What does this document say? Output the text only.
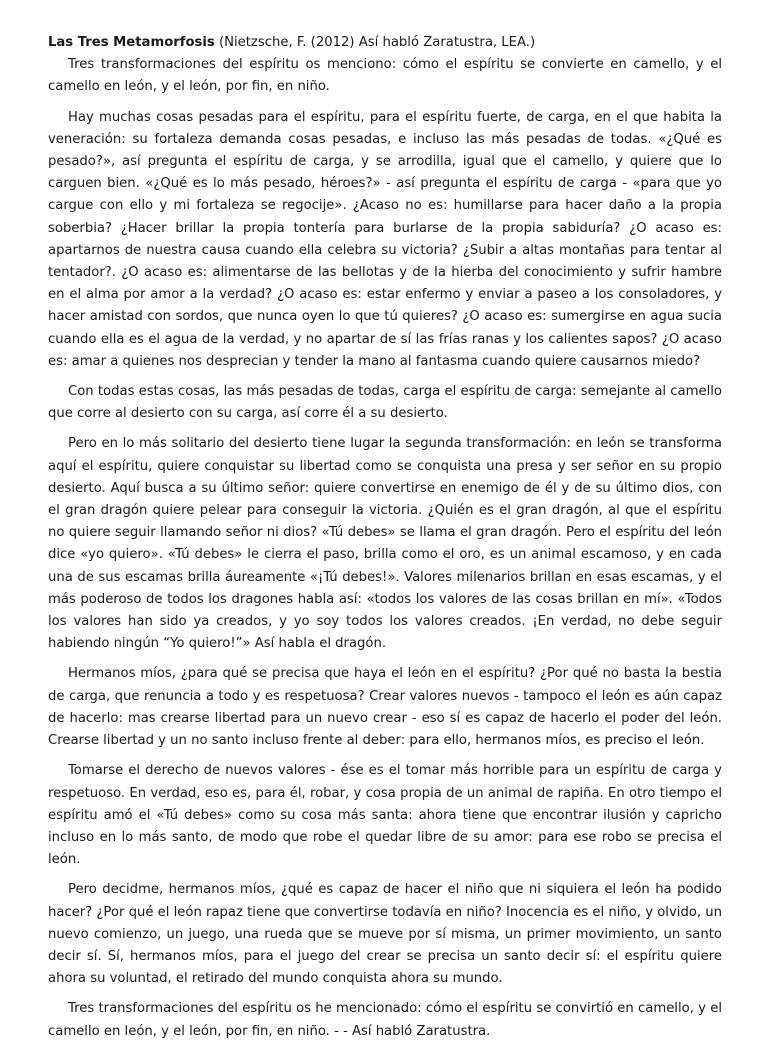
Las Tres Metamorfosis (Nietzsche, F. (2012) Así habló Zaratustra, LEA.)

Tres transformaciones del espíritu os menciono: cómo el espíritu se convierte en camello, y el camello en león, y el león, por fin, en niño.

Hay muchas cosas pesadas para el espíritu, para el espíritu fuerte, de carga, en el que habita la veneración: su fortaleza demanda cosas pesadas, e incluso las más pesadas de todas. «¿Qué es pesado?», así pregunta el espíritu de carga, y se arrodilla, igual que el camello, y quiere que lo carguen bien. «¿Qué es lo más pesado, héroes?» - así pregunta el espíritu de carga - «para que yo cargue con ello y mi fortaleza se regocije». ¿Acaso no es: humillarse para hacer daño a la propia soberbia? ¿Hacer brillar la propia tontería para burlarse de la propia sabiduría? ¿O acaso es: apartarnos de nuestra causa cuando ella celebra su victoria? ¿Subir a altas montañas para tentar al tentador?. ¿O acaso es: alimentarse de las bellotas y de la hierba del conocimiento y sufrir hambre en el alma por amor a la verdad? ¿O acaso es: estar enfermo y enviar a paseo a los consoladores, y hacer amistad con sordos, que nunca oyen lo que tú quieres? ¿O acaso es: sumergirse en agua sucia cuando ella es el agua de la verdad, y no apartar de sí las frías ranas y los calientes sapos? ¿O acaso es: amar a quienes nos desprecian y tender la mano al fantasma cuando quiere causarnos miedo?

Con todas estas cosas, las más pesadas de todas, carga el espíritu de carga: semejante al camello que corre al desierto con su carga, así corre él a su desierto.

Pero en lo más solitario del desierto tiene lugar la segunda transformación: en león se transforma aquí el espíritu, quiere conquistar su libertad como se conquista una presa y ser señor en su propio desierto. Aquí busca a su último señor: quiere convertirse en enemigo de él y de su último dios, con el gran dragón quiere pelear para conseguir la victoria. ¿Quién es el gran dragón, al que el espíritu no quiere seguir llamando señor ni dios? «Tú debes» se llama el gran dragón. Pero el espíritu del león dice «yo quiero». «Tú debes» le cierra el paso, brilla como el oro, es un animal escamoso, y en cada una de sus escamas brilla áureamente «¡Tú debes!». Valores milenarios brillan en esas escamas, y el más poderoso de todos los dragones habla así: «todos los valores de las cosas brillan en mí». «Todos los valores han sido ya creados, y yo soy todos los valores creados. ¡En verdad, no debe seguir habiendo ningún “Yo quiero!”» Así habla el dragón.

Hermanos míos, ¿para qué se precisa que haya el león en el espíritu? ¿Por qué no basta la bestia de carga, que renuncia a todo y es respetuosa? Crear valores nuevos - tampoco el león es aún capaz de hacerlo: mas crearse libertad para un nuevo crear - eso sí es capaz de hacerlo el poder del león. Crearse libertad y un no santo incluso frente al deber: para ello, hermanos míos, es preciso el león.

Tomarse el derecho de nuevos valores - ése es el tomar más horrible para un espíritu de carga y respetuoso. En verdad, eso es, para él, robar, y cosa propia de un animal de rapiña. En otro tiempo el espíritu amó el «Tú debes» como su cosa más santa: ahora tiene que encontrar ilusión y capricho incluso en lo más santo, de modo que robe el quedar libre de su amor: para ese robo se precisa el león.

Pero decidme, hermanos míos, ¿qué es capaz de hacer el niño que ni siquiera el león ha podido hacer? ¿Por qué el león rapaz tiene que convertirse todavía en niño? Inocencia es el niño, y olvido, un nuevo comienzo, un juego, una rueda que se mueve por sí misma, un primer movimiento, un santo decir sí. Sí, hermanos míos, para el juego del crear se precisa un santo decir sí: el espíritu quiere ahora su voluntad, el retirado del mundo conquista ahora su mundo.

Tres transformaciones del espíritu os he mencionado: cómo el espíritu se convirtió en camello, y el camello en león, y el león, por fin, en niño. - - Así habló Zaratustra.
